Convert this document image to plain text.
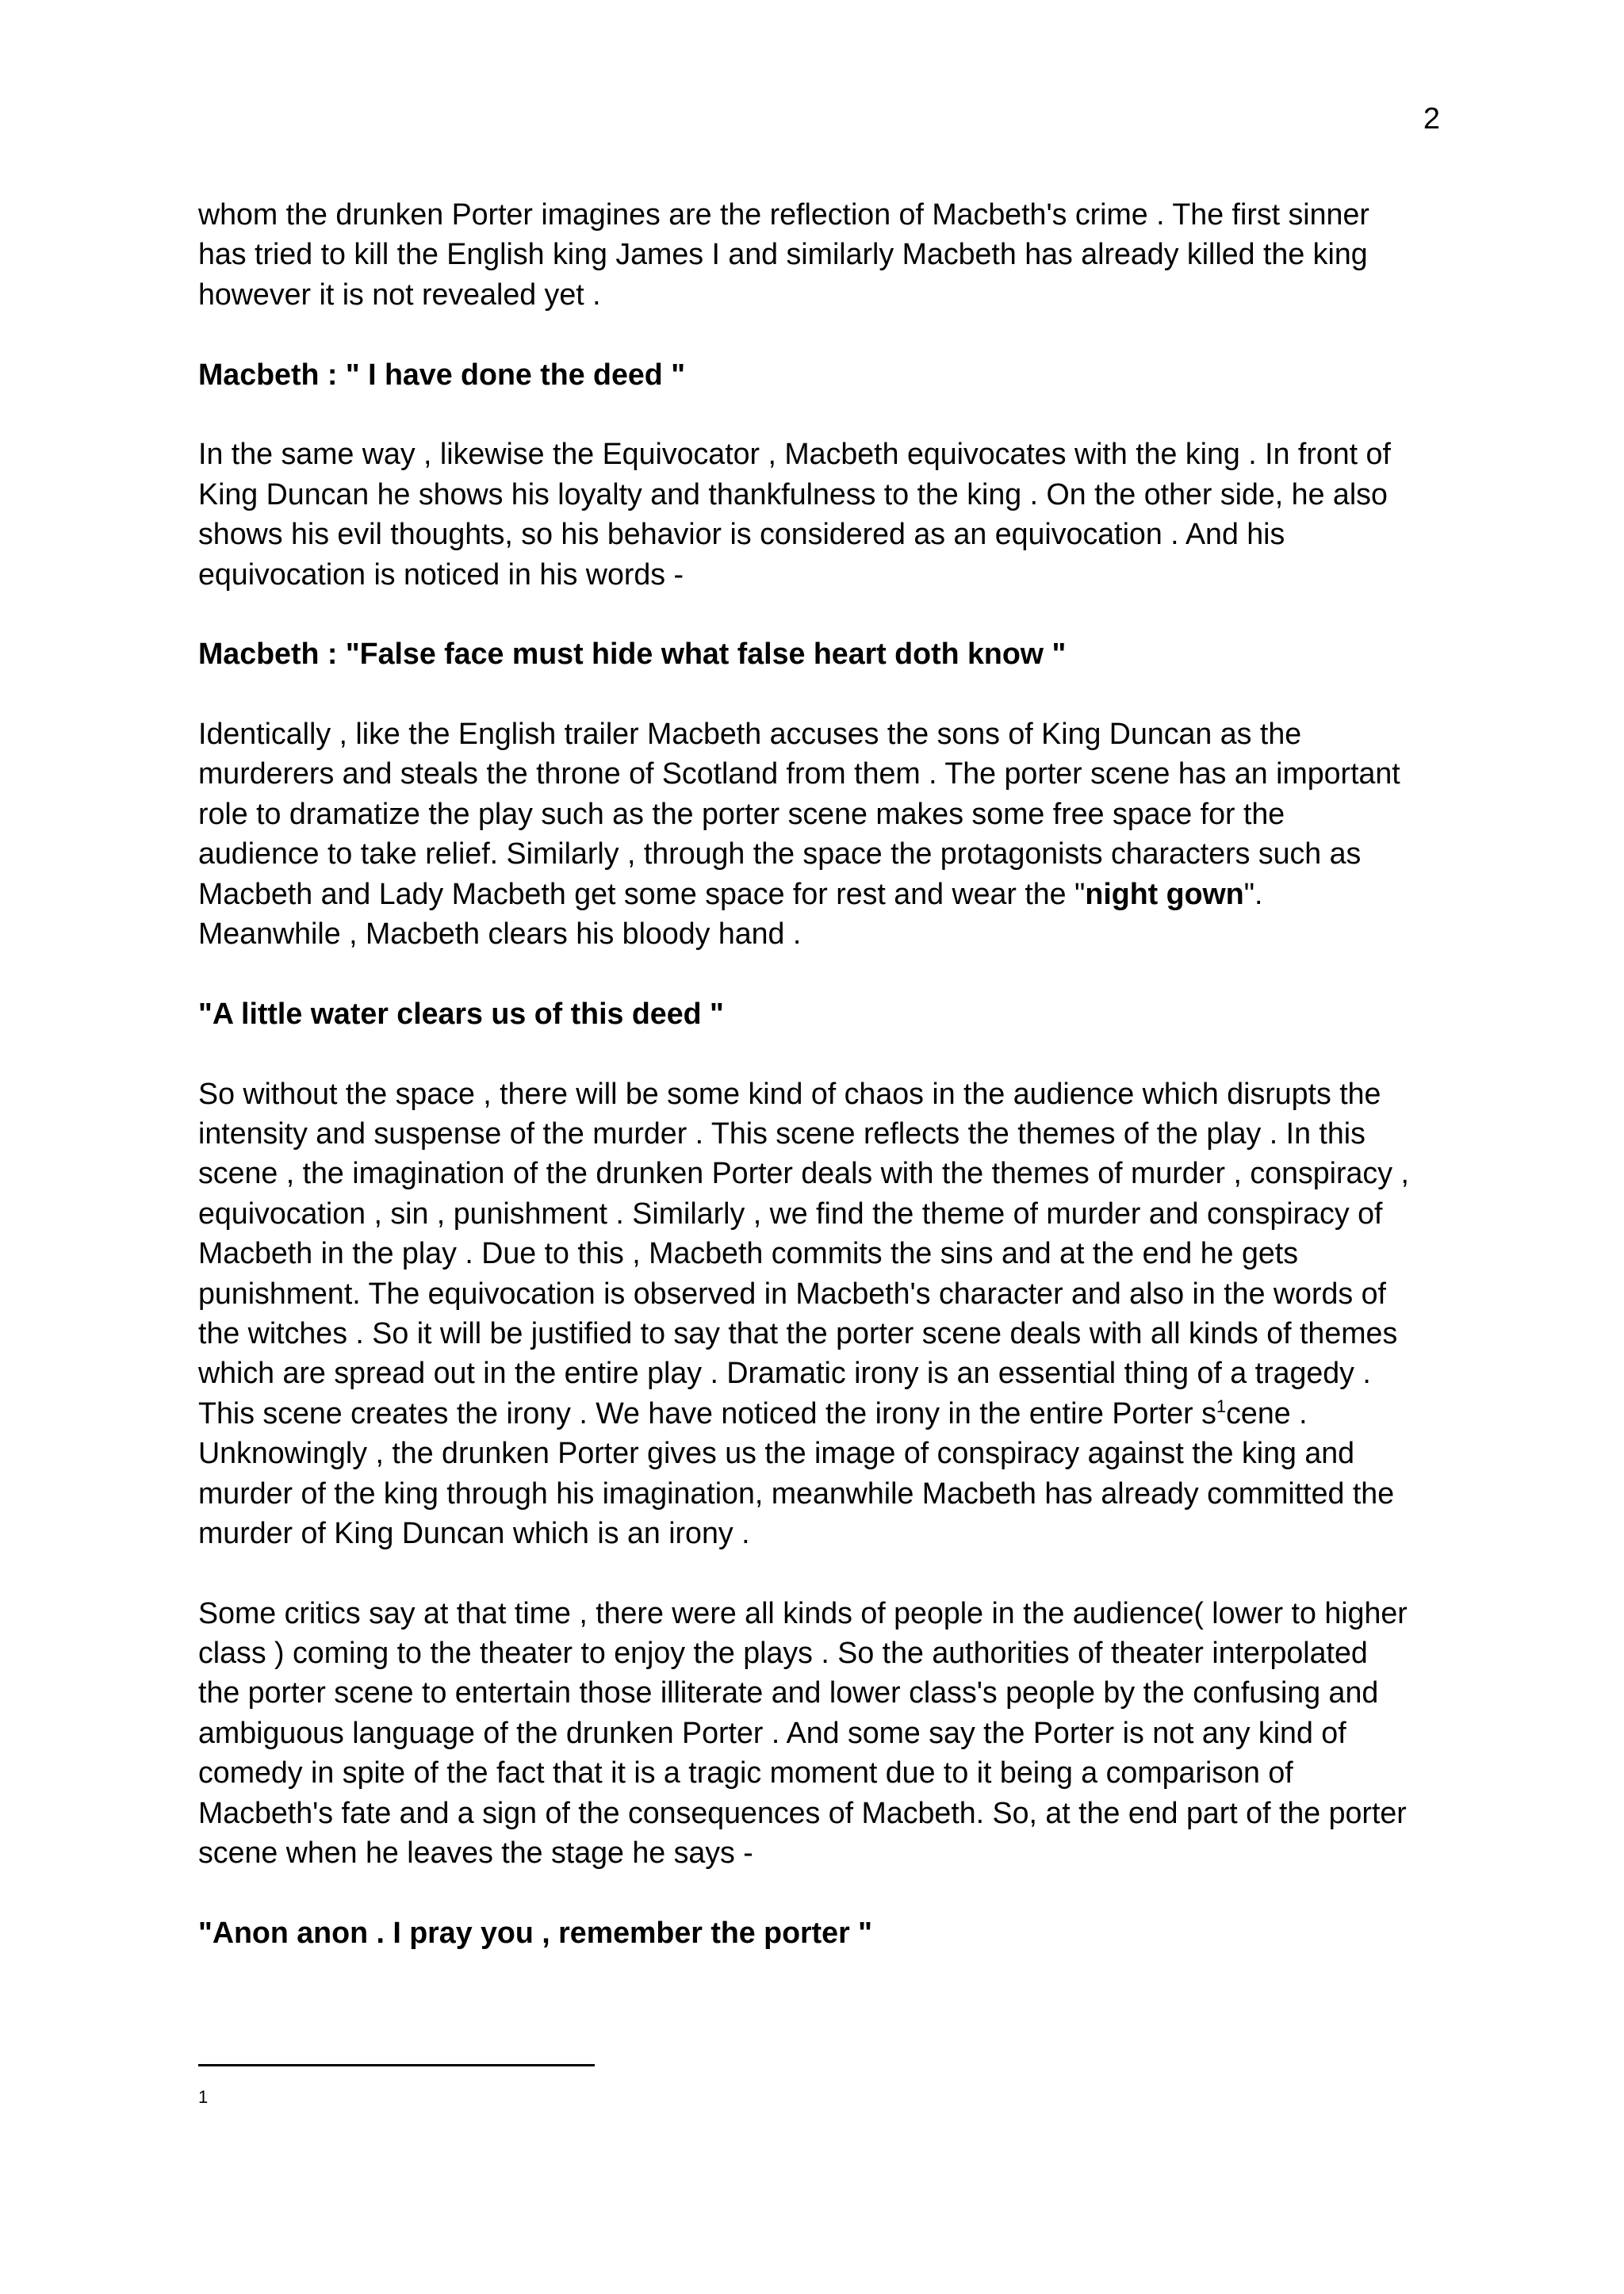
2
whom the drunken Porter imagines are the reflection of Macbeth's crime . The first sinner
has tried to kill the English king James I and similarly Macbeth has already killed the king
however it is not revealed yet .
Macbeth : " I have done the deed "
In the same way , likewise the Equivocator , Macbeth equivocates with the king . In front of
King Duncan he shows his loyalty and thankfulness to the king . On the other side, he also
shows his evil thoughts, so his behavior is considered as an equivocation . And his
equivocation is noticed in his words -
Macbeth : "False face must hide what false heart doth know "
Identically , like the English trailer Macbeth accuses the sons of King Duncan as the
murderers and steals the throne of Scotland from them . The porter scene has an important
role to dramatize the play such as the porter scene makes some free space for the
audience to take relief. Similarly , through the space the protagonists characters such as
Macbeth and Lady Macbeth get some space for rest and wear the "night gown".
Meanwhile , Macbeth clears his bloody hand .
"A little water clears us of this deed "
So without the space , there will be some kind of chaos in the audience which disrupts the
intensity and suspense of the murder . This scene reflects the themes of the play . In this
scene , the imagination of the drunken Porter deals with the themes of murder , conspiracy ,
equivocation , sin , punishment . Similarly , we find the theme of murder and conspiracy of
Macbeth in the play . Due to this , Macbeth commits the sins and at the end he gets
punishment. The equivocation is observed in Macbeth's character and also in the words of
the witches . So it will be justified to say that the porter scene deals with all kinds of themes
which are spread out in the entire play . Dramatic irony is an essential thing of a tragedy .
This scene creates the irony . We have noticed the irony in the entire Porter $s^1cene$ .
Unknowingly , the drunken Porter gives us the image of conspiracy against the king and
murder of the king through his imagination, meanwhile Macbeth has already committed the
murder of King Duncan which is an irony .
Some critics say at that time , there were all kinds of people in the audience( lower to higher
class ) coming to the theater to enjoy the plays . So the authorities of theater interpolated
the porter scene to entertain those illiterate and lower class's people by the confusing and
ambiguous language of the drunken Porter . And some say the Porter is not any kind of
comedy in spite of the fact that it is a tragic moment due to it being a comparison of
Macbeth's fate and a sign of the consequences of Macbeth. So, at the end part of the porter
scene when he leaves the stage he says -
"Anon anon . I pray you , remember the porter "
1
